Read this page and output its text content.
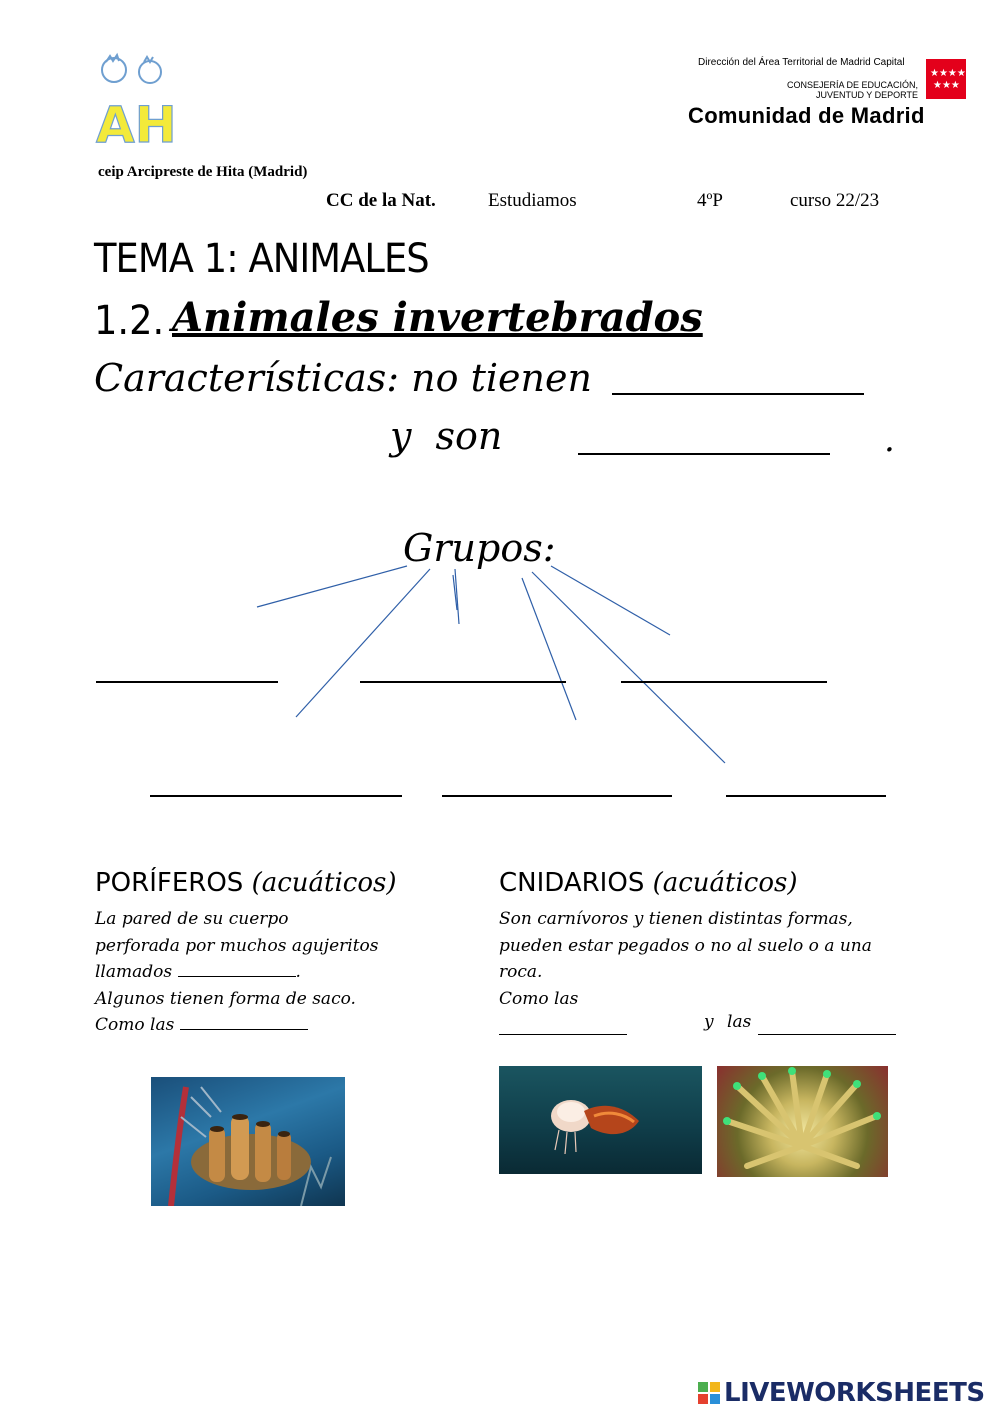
AH
ceip Arcipreste de Hita (Madrid)
Dirección del Área Territorial de Madrid Capital
CONSEJERÍA DE EDUCACIÓN,
JUVENTUD Y DEPORTE
★★★★
★★★
Comunidad de Madrid
CC de la Nat.	Estudiamos	4ºP	curso 22/23
TEMA 1: ANIMALES
1.2. Animales invertebrados
Características: no tienen
y son	.
Grupos:
PORÍFEROS (acuáticos)
La pared de su cuerpo
perforada por muchos agujeritos
llamados	.
Algunos tienen forma de saco.
Como las
CNIDARIOS (acuáticos)
Son carnívoros y tienen distintas formas,
pueden estar pegados o no al suelo o a una
roca.
Como las
y las
LIVEWORKSHEETS
